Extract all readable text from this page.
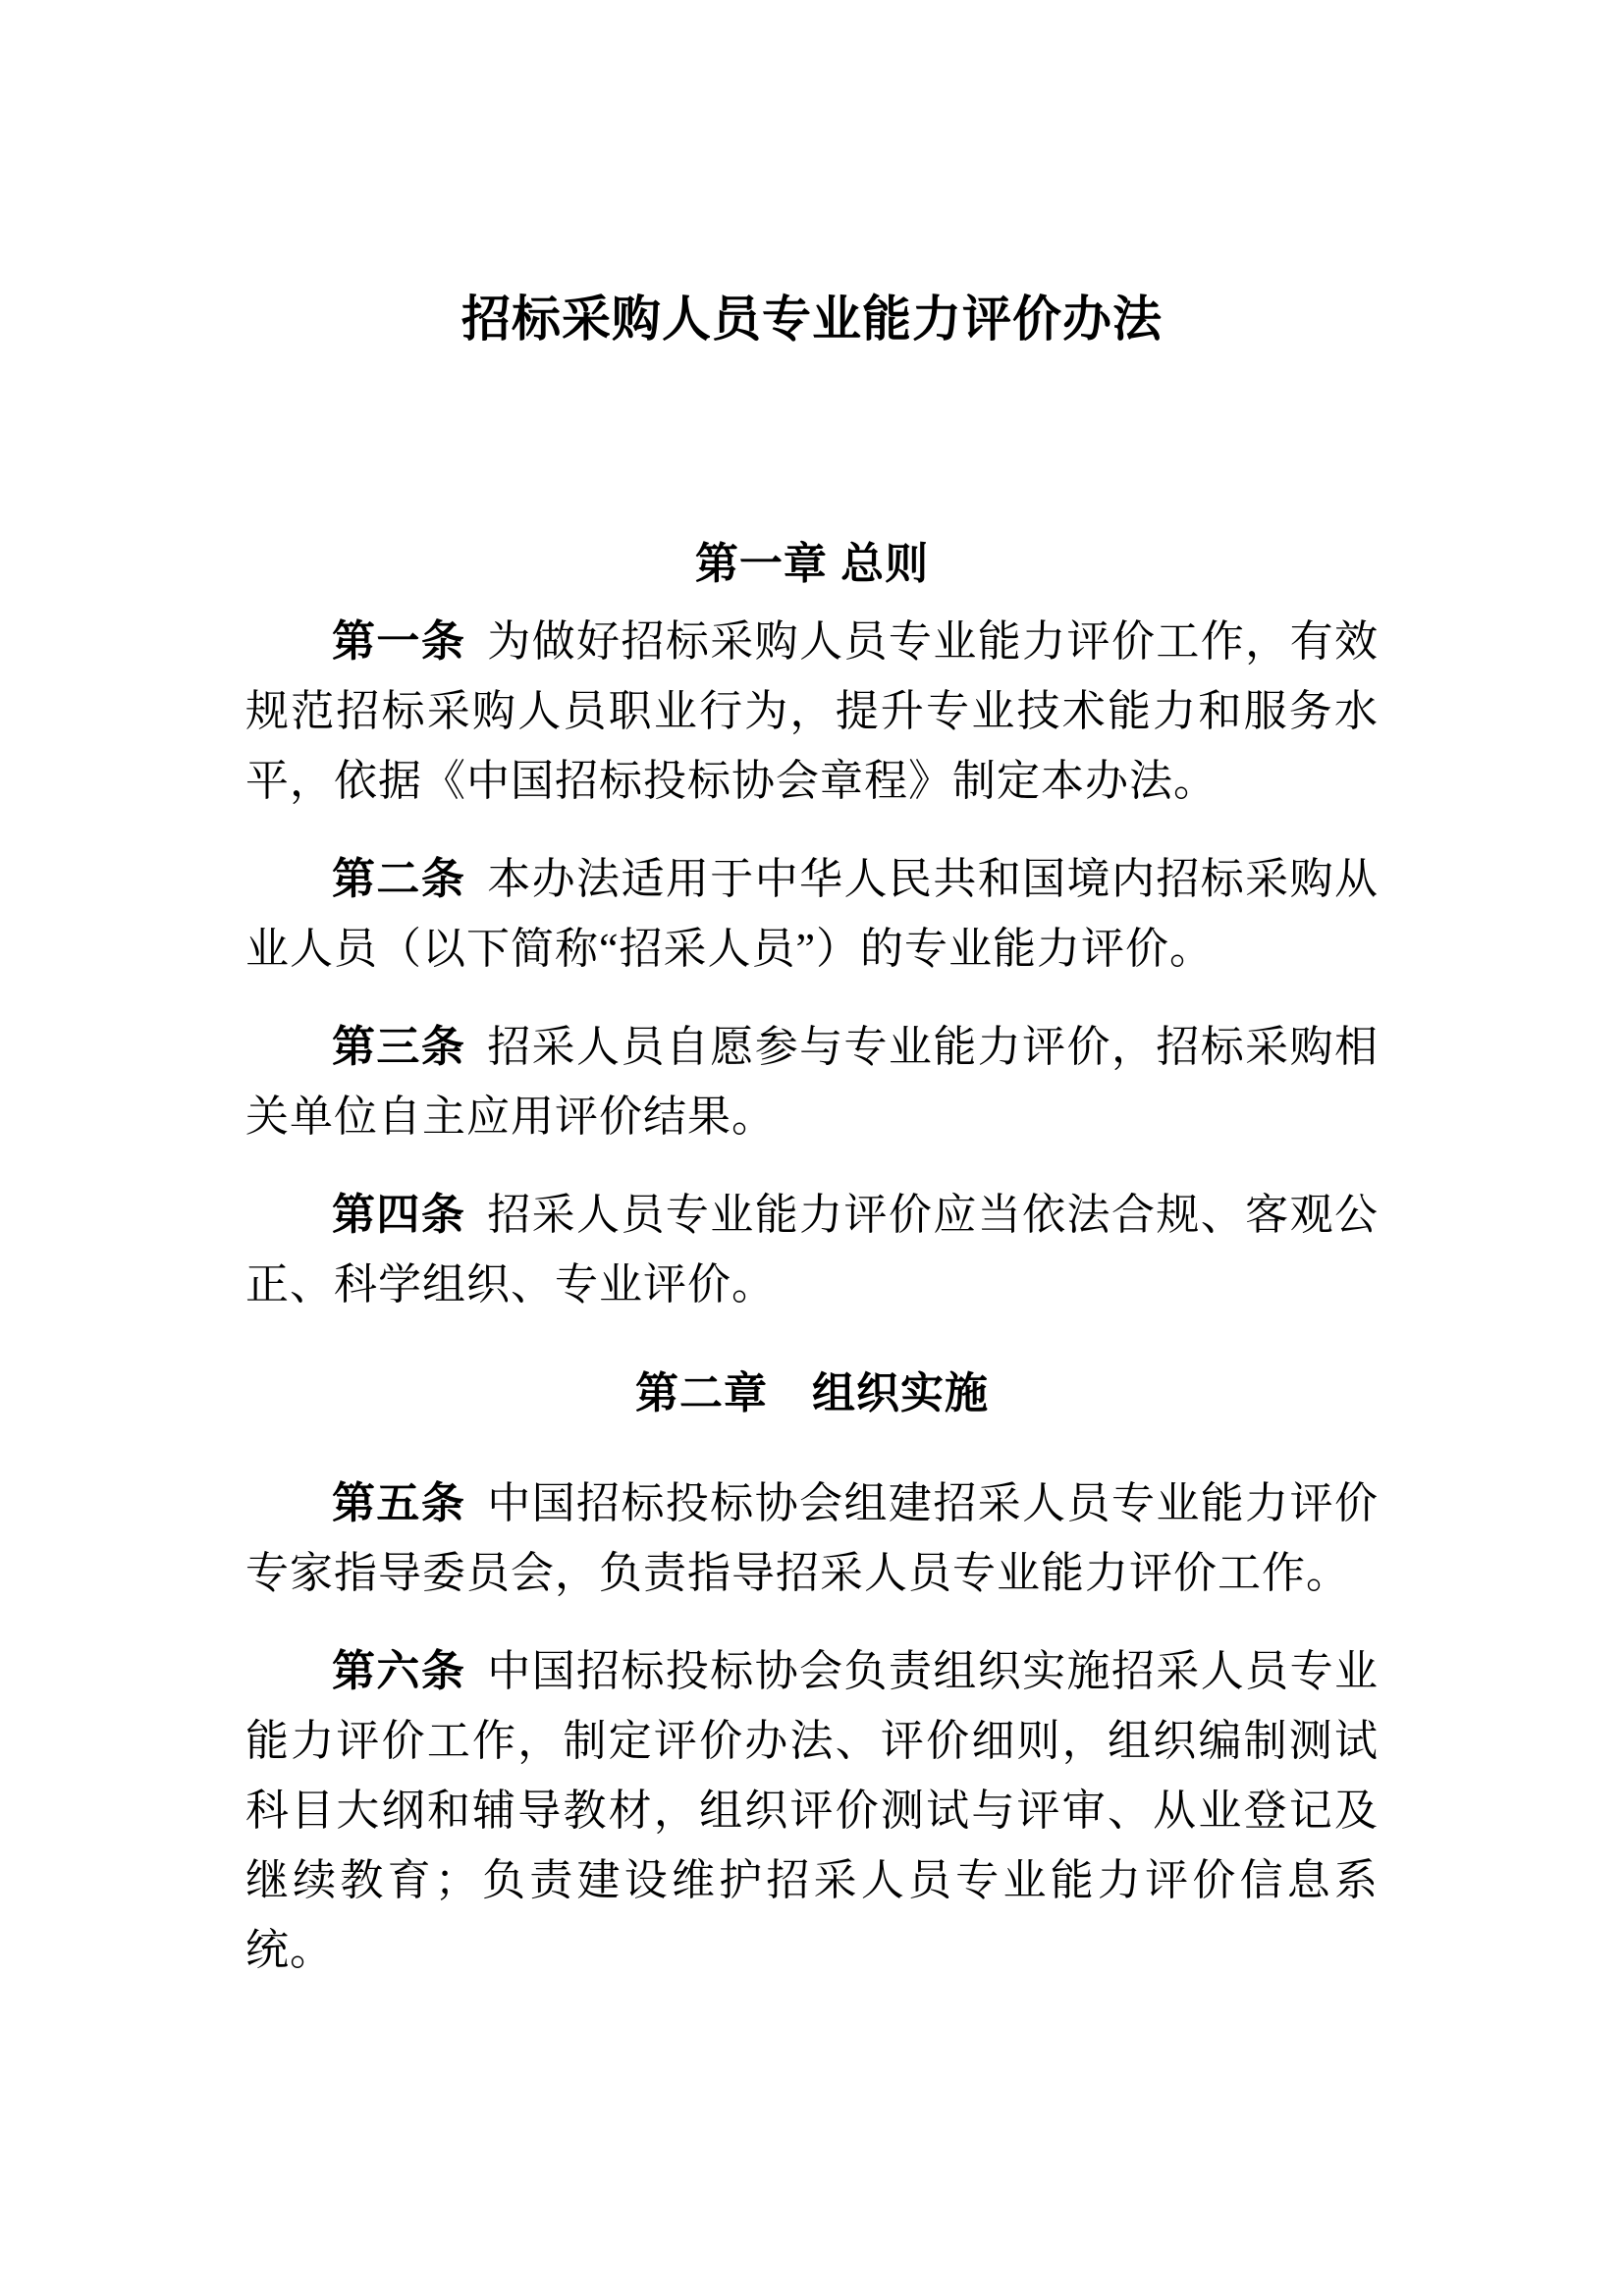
招标采购人员专业能力评价办法
第一章 总则

第一条 为做好招标采购人员专业能力评价工作，有效规范招标采购人员职业行为，提升专业技术能力和服务水平，依据《中国招标投标协会章程》制定本办法。

第二条 本办法适用于中华人民共和国境内招标采购从业人员（以下简称“招采人员”）的专业能力评价。

第三条 招采人员自愿参与专业能力评价，招标采购相关单位自主应用评价结果。

第四条 招采人员专业能力评价应当依法合规、客观公正、科学组织、专业评价。

第二章　组织实施

第五条 中国招标投标协会组建招采人员专业能力评价专家指导委员会，负责指导招采人员专业能力评价工作。

第六条 中国招标投标协会负责组织实施招采人员专业能力评价工作，制定评价办法、评价细则，组织编制测试科目大纲和辅导教材，组织评价测试与评审、从业登记及继续教育；负责建设维护招采人员专业能力评价信息系统。
